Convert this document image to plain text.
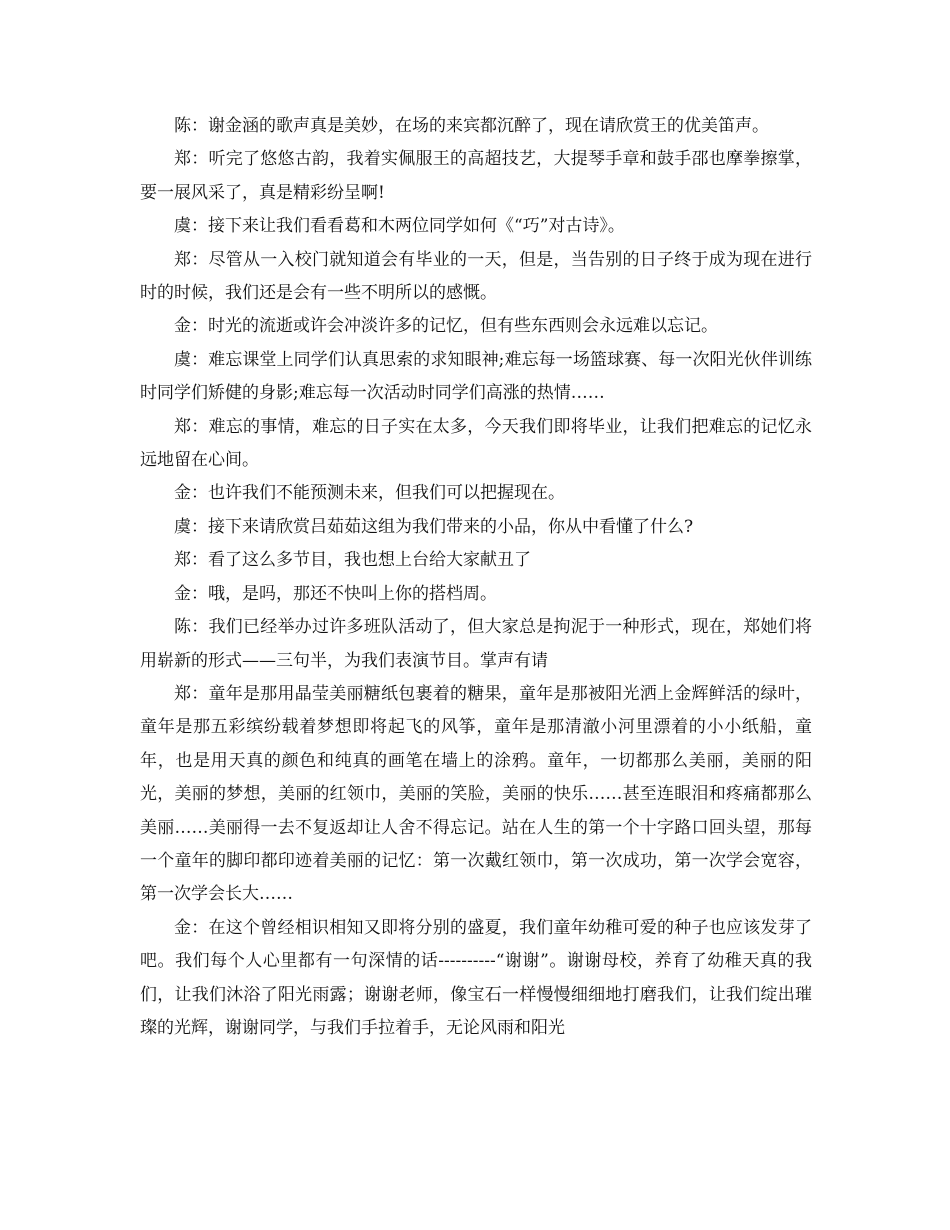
陈：谢金涵的歌声真是美妙，在场的来宾都沉醉了，现在请欣赏王的优美笛声。

郑：听完了悠悠古韵，我着实佩服王的高超技艺，大提琴手章和鼓手邵也摩拳擦掌，要一展风采了，真是精彩纷呈啊!

虞：接下来让我们看看葛和木两位同学如何《“巧”对古诗》。

郑：尽管从一入校门就知道会有毕业的一天，但是，当告别的日子终于成为现在进行时的时候，我们还是会有一些不明所以的感慨。

金：时光的流逝或许会冲淡许多的记忆，但有些东西则会永远难以忘记。

虞：难忘课堂上同学们认真思索的求知眼神;难忘每一场篮球赛、每一次阳光伙伴训练时同学们矫健的身影;难忘每一次活动时同学们高涨的热情……

郑：难忘的事情，难忘的日子实在太多，今天我们即将毕业，让我们把难忘的记忆永远地留在心间。

金：也许我们不能预测未来，但我们可以把握现在。

虞：接下来请欣赏吕茹茹这组为我们带来的小品，你从中看懂了什么?

郑：看了这么多节目，我也想上台给大家献丑了

金：哦，是吗，那还不快叫上你的搭档周。

陈：我们已经举办过许多班队活动了，但大家总是拘泥于一种形式，现在，郑她们将用崭新的形式——三句半，为我们表演节目。掌声有请

郑：童年是那用晶莹美丽糖纸包裹着的糖果，童年是那被阳光洒上金辉鲜活的绿叶， 童年是那五彩缤纷载着梦想即将起飞的风筝，童年是那清澈小河里漂着的小小纸船，童年，也是用天真的颜色和纯真的画笔在墙上的涂鸦。童年，一切都那么美丽，美丽的阳光，美丽的梦想，美丽的红领巾，美丽的笑脸，美丽的快乐……甚至连眼泪和疼痛都那么美丽……美丽得一去不复返却让人舍不得忘记。站在人生的第一个十字路口回头望，那每一个童年的脚印都印迹着美丽的记忆：第一次戴红领巾，第一次成功，第一次学会宽容，第一次学会长大……

金：在这个曾经相识相知又即将分别的盛夏，我们童年幼稚可爱的种子也应该发芽了吧。我们每个人心里都有一句深情的话----------“谢谢”。谢谢母校，养育了幼稚天真的我们，让我们沐浴了阳光雨露；谢谢老师，像宝石一样慢慢细细地打磨我们，让我们绽出璀璨的光辉，谢谢同学，与我们手拉着手，无论风雨和阳光
